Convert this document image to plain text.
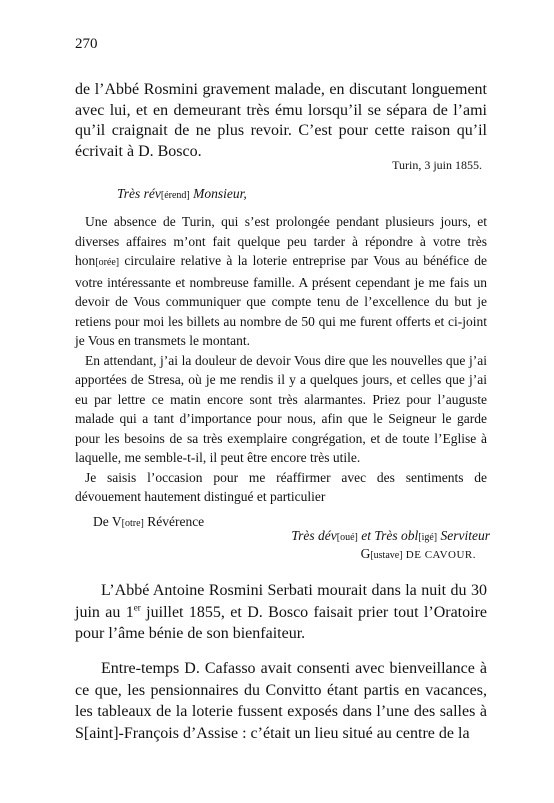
270
de l’Abbé Rosmini gravement malade, en discutant longuement avec lui, et en demeurant très ému lorsqu’il se sépara de l’ami qu’il craignait de ne plus revoir. C’est pour cette raison qu’il écrivait à D. Bosco.
Turin, 3 juin 1855.
Très rév[érend] Monsieur,

Une absence de Turin, qui s’est prolongée pendant plusieurs jours, et diverses affaires m’ont fait quelque peu tarder à répondre à votre très hon[orée] circulaire relative à la loterie entreprise par Vous au bénéfice de votre intéressante et nombreuse famille. A présent cependant je me fais un devoir de Vous communiquer que compte tenu de l’excellence du but je retiens pour moi les billets au nombre de 50 qui me furent offerts et ci-joint je Vous en transmets le montant.

En attendant, j’ai la douleur de devoir Vous dire que les nouvelles que j’ai apportées de Stresa, où je me rendis il y a quelques jours, et celles que j’ai eu par lettre ce matin encore sont très alarmantes. Priez pour l’auguste malade qui a tant d’importance pour nous, afin que le Seigneur le garde pour les besoins de sa très exemplaire congrégation, et de toute l’Eglise à laquelle, me semble-t-il, il peut être encore très utile.

Je saisis l’occasion pour me réaffirmer avec des sentiments de dévouement hautement distingué et particulier

De V[otre] Révérence
Très dév[oué] et Très obl[igé] Serviteur
G[ustave] DE CAVOUR.

L’Abbé Antoine Rosmini Serbati mourait dans la nuit du 30 juin au 1er juillet 1855, et D. Bosco faisait prier tout l’Oratoire pour l’âme bénie de son bienfaiteur.

Entre-temps D. Cafasso avait consenti avec bienveillance à ce que, les pensionnaires du Convitto étant partis en vacances, les tableaux de la loterie fussent exposés dans l’une des salles à S[aint]-François d’Assise : c’était un lieu situé au centre de la
